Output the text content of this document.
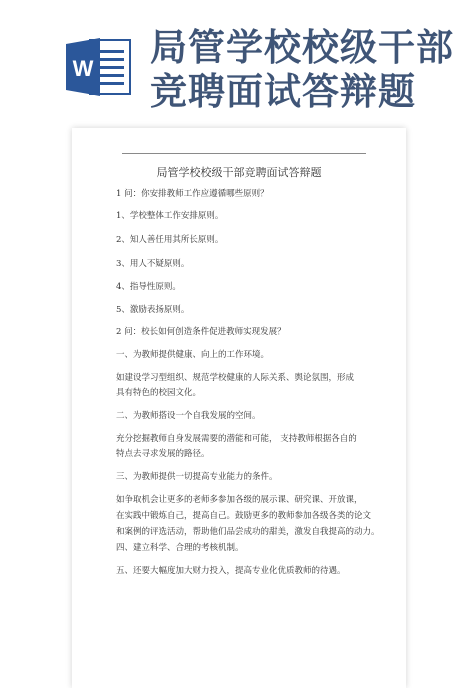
W 局管学校校级干部
竞聘面试答辩题
局管学校校级干部竞聘面试答辩题
1 问：你安排教师工作应遵循哪些原则？
1、学校整体工作安排原则。
2、知人善任用其所长原则。
3、用人不疑原则。
4、指导性原则。
5、激励表扬原则。
2 问：校长如何创造条件促进教师实现发展？
一、为教师提供健康、向上的工作环境。
如建设学习型组织、规范学校健康的人际关系、舆论氛围，形成
具有特色的校园文化。
二、为教师搭设一个自我发展的空间。
充分挖掘教师自身发展需要的潜能和可能， 支持教师根据各自的
特点去寻求发展的路径。
三、为教师提供一切提高专业能力的条件。
如争取机会让更多的老师多参加各级的展示课、研究课、开放课，
在实践中锻炼自己，提高自己。鼓励更多的教师参加各级各类的论文
和案例的评选活动，帮助他们品尝成功的甜美，激发自我提高的动力。
四、建立科学、合理的考核机制。
五、还要大幅度加大财力投入，提高专业化优质教师的待遇。
